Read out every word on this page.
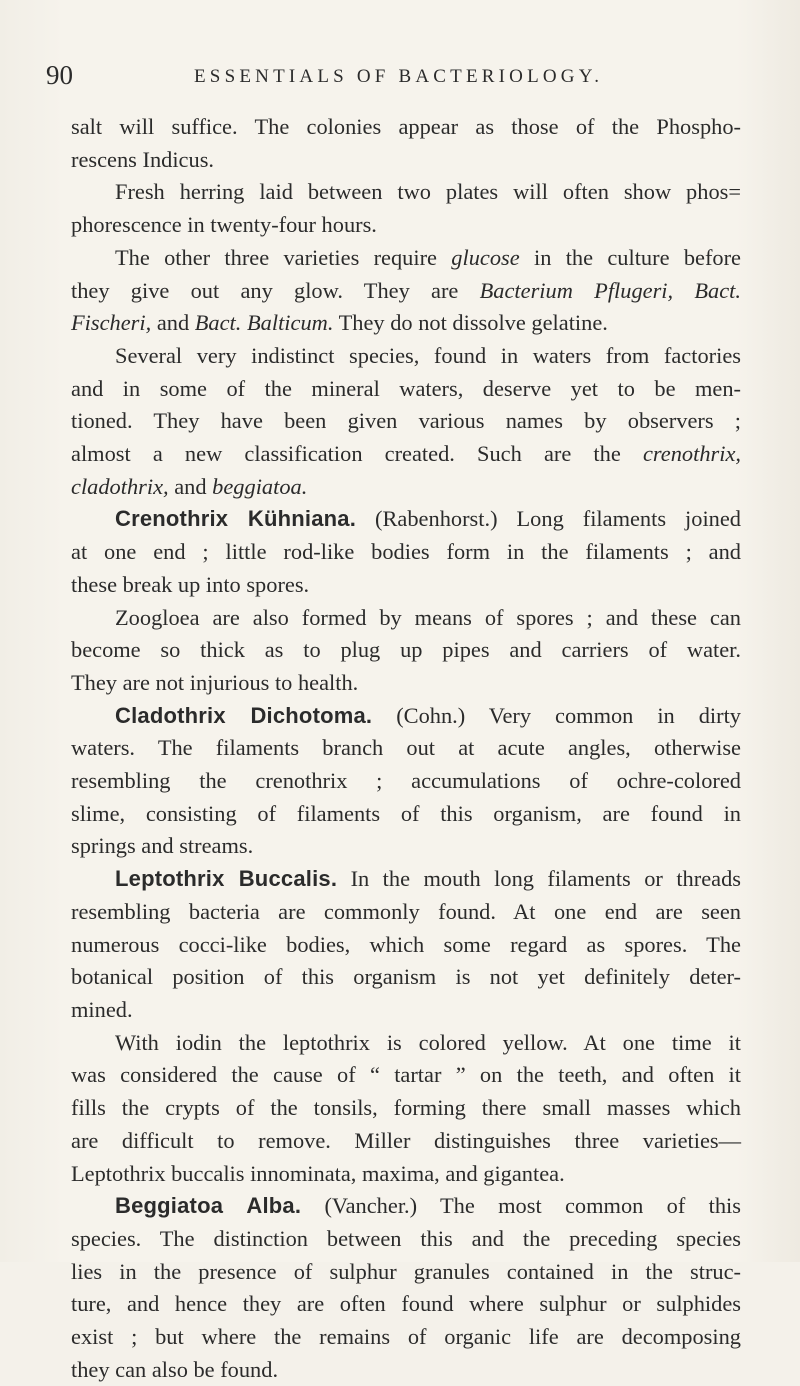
90	ESSENTIALS OF BACTERIOLOGY.
salt will suffice. The colonies appear as those of the Phospho-
rescens Indicus.
Fresh herring laid between two plates will often show phos=
phorescence in twenty-four hours.
The other three varieties require glucose in the culture before
they give out any glow. They are Bacterium Pflugeri, Bact.
Fischeri, and Bact. Balticum. They do not dissolve gelatine.
Several very indistinct species, found in waters from factories
and in some of the mineral waters, deserve yet to be men-
tioned. They have been given various names by observers ;
almost a new classification created. Such are the crenothrix,
cladothrix, and beggiatoa.
Crenothrix Kühniana. (Rabenhorst.) Long filaments joined
at one end ; little rod-like bodies form in the filaments ; and
these break up into spores.
Zoogloea are also formed by means of spores ; and these can
become so thick as to plug up pipes and carriers of water.
They are not injurious to health.
Cladothrix Dichotoma. (Cohn.) Very common in dirty
waters. The filaments branch out at acute angles, otherwise
resembling the crenothrix ; accumulations of ochre-colored
slime, consisting of filaments of this organism, are found in
springs and streams.
Leptothrix Buccalis. In the mouth long filaments or threads
resembling bacteria are commonly found. At one end are seen
numerous cocci-like bodies, which some regard as spores. The
botanical position of this organism is not yet definitely deter-
mined.
With iodin the leptothrix is colored yellow. At one time it
was considered the cause of “ tartar ” on the teeth, and often it
fills the crypts of the tonsils, forming there small masses which
are difficult to remove. Miller distinguishes three varieties—
Leptothrix buccalis innominata, maxima, and gigantea.
Beggiatoa Alba. (Vancher.) The most common of this
species. The distinction between this and the preceding species
lies in the presence of sulphur granules contained in the struc-
ture, and hence they are often found where sulphur or sulphides
exist ; but where the remains of organic life are decomposing
they can also be found.
